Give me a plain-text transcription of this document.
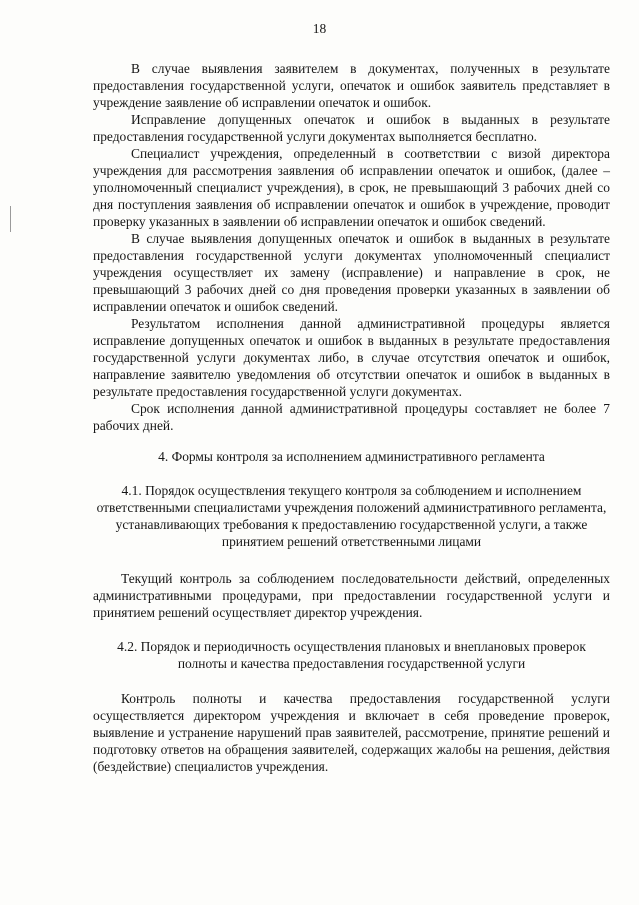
18

В случае выявления заявителем в документах, полученных в результате предоставления государственной услуги, опечаток и ошибок заявитель представляет в учреждение заявление об исправлении опечаток и ошибок.

Исправление допущенных опечаток и ошибок в выданных в результате предоставления государственной услуги документах выполняется бесплатно.

Специалист учреждения, определенный в соответствии с визой директора учреждения для рассмотрения заявления об исправлении опечаток и ошибок, (далее – уполномоченный специалист учреждения), в срок, не превышающий 3 рабочих дней со дня поступления заявления об исправлении опечаток и ошибок в учреждение, проводит проверку указанных в заявлении об исправлении опечаток и ошибок сведений.

В случае выявления допущенных опечаток и ошибок в выданных в результате предоставления государственной услуги документах уполномоченный специалист учреждения осуществляет их замену (исправление) и направление в срок, не превышающий 3 рабочих дней со дня проведения проверки указанных в заявлении об исправлении опечаток и ошибок сведений.

Результатом исполнения данной административной процедуры является исправление допущенных опечаток и ошибок в выданных в результате предоставления государственной услуги документах либо, в случае отсутствия опечаток и ошибок, направление заявителю уведомления об отсутствии опечаток и ошибок в выданных в результате предоставления государственной услуги документах.

Срок исполнения данной административной процедуры составляет не более 7 рабочих дней.

4. Формы контроля за исполнением административного регламента

4.1. Порядок осуществления текущего контроля за соблюдением и исполнением ответственными специалистами учреждения положений административного регламента, устанавливающих требования к предоставлению государственной услуги, а также принятием решений ответственными лицами

Текущий контроль за соблюдением последовательности действий, определенных административными процедурами, при предоставлении государственной услуги и принятием решений осуществляет директор учреждения.

4.2. Порядок и периодичность осуществления плановых и внеплановых проверок полноты и качества предоставления государственной услуги

Контроль полноты и качества предоставления государственной услуги осуществляется директором учреждения и включает в себя проведение проверок, выявление и устранение нарушений прав заявителей, рассмотрение, принятие решений и подготовку ответов на обращения заявителей, содержащих жалобы на решения, действия (бездействие) специалистов учреждения.
